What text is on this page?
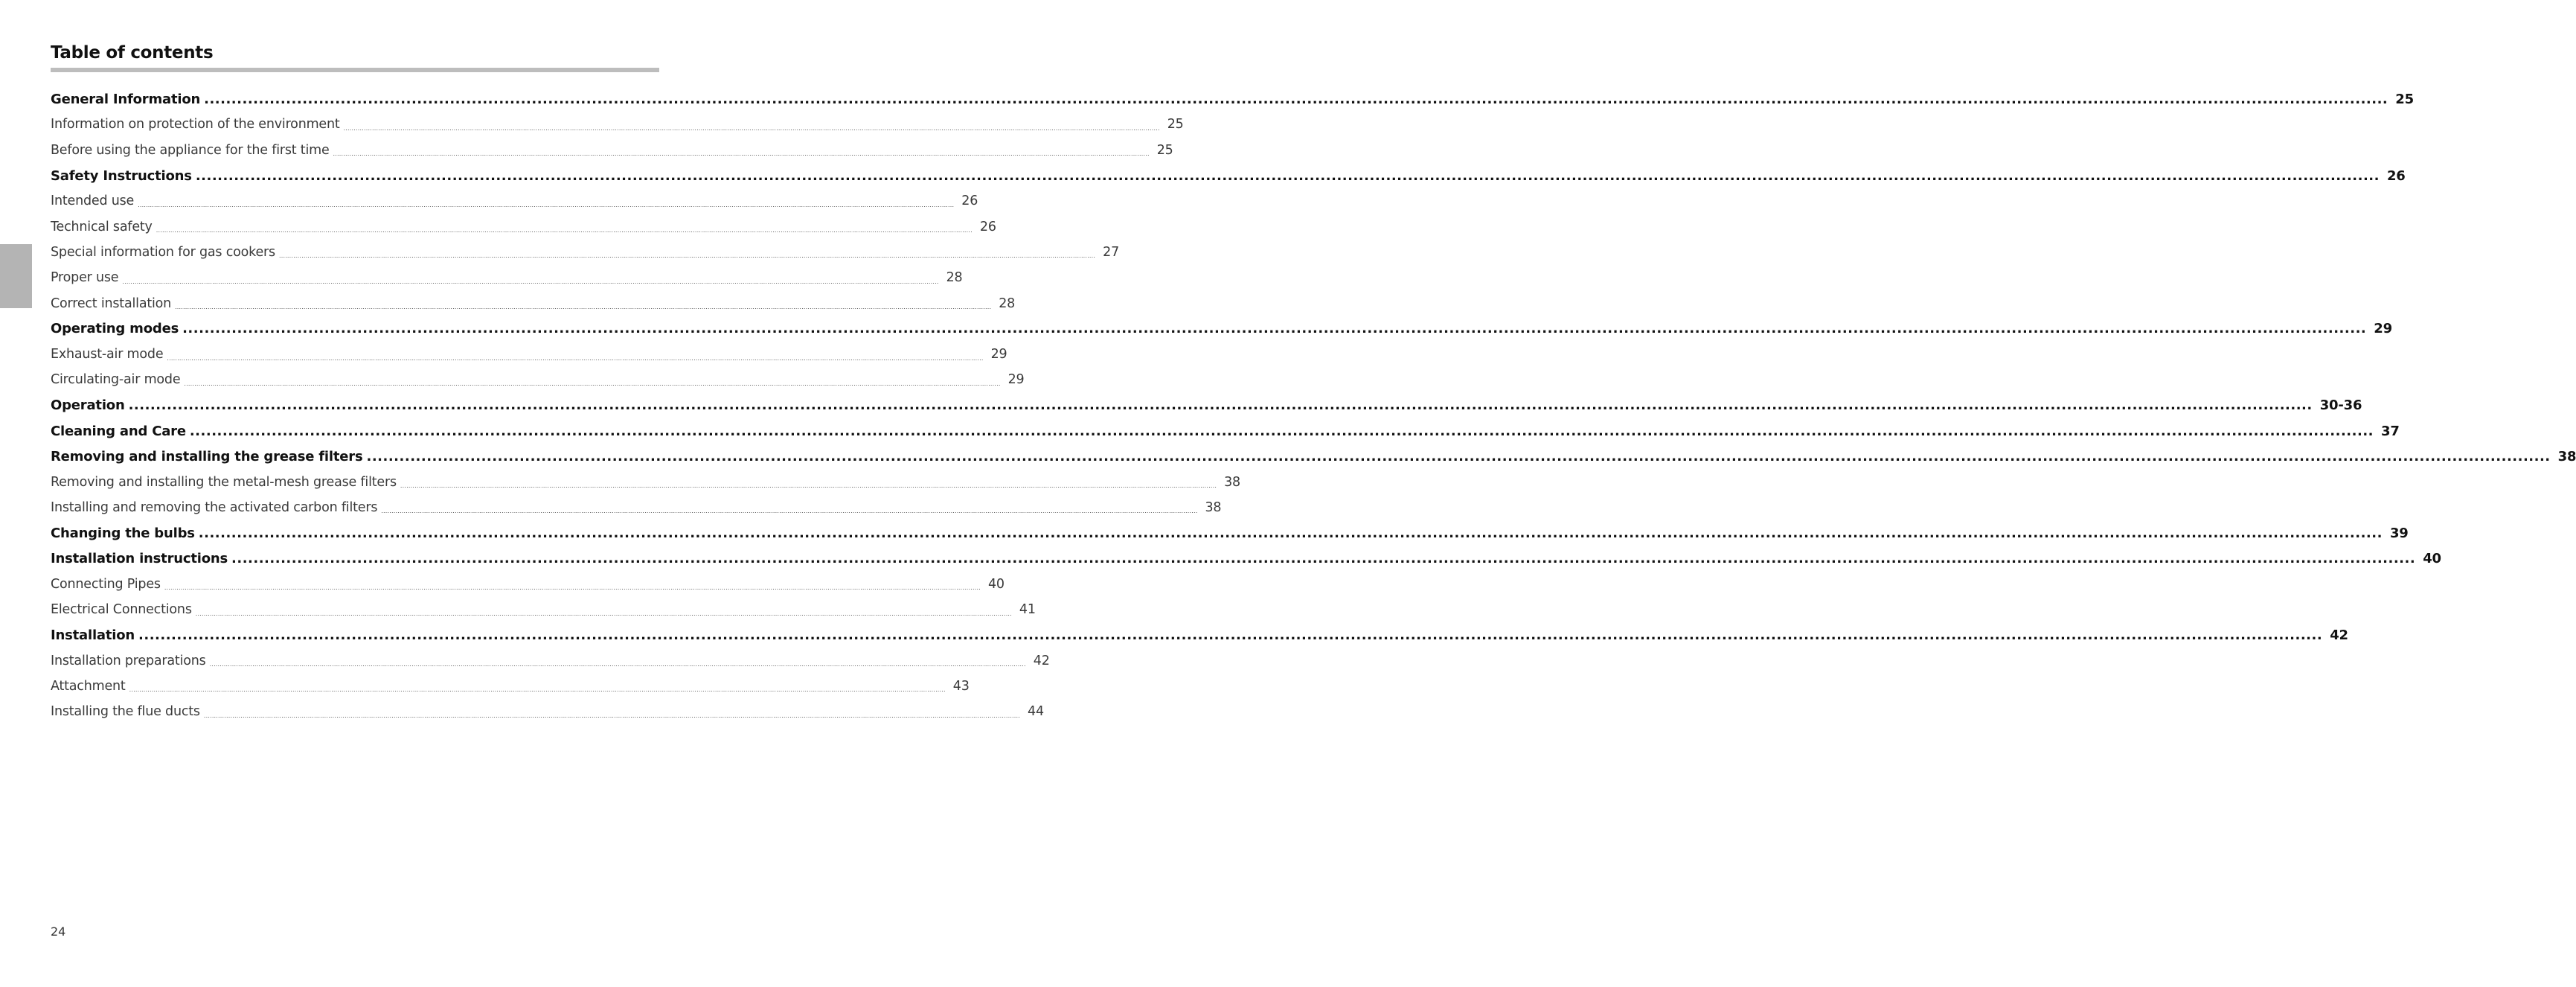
Table of contents
General Information ................................................................................................................................................................................................................................................................................................................................................................................................................ 25
Information on protection of the environment ................................................................................................................................................................................................................................................................................................................................................................................................................ 25
Before using the appliance for the first time ................................................................................................................................................................................................................................................................................................................................................................................................................ 25
Safety Instructions ................................................................................................................................................................................................................................................................................................................................................................................................................ 26
Intended use ................................................................................................................................................................................................................................................................................................................................................................................................................ 26
Technical safety ................................................................................................................................................................................................................................................................................................................................................................................................................ 26
Special information for gas cookers ................................................................................................................................................................................................................................................................................................................................................................................................................ 27
Proper use ................................................................................................................................................................................................................................................................................................................................................................................................................ 28
Correct installation ................................................................................................................................................................................................................................................................................................................................................................................................................ 28
Operating modes ................................................................................................................................................................................................................................................................................................................................................................................................................ 29
Exhaust-air mode ................................................................................................................................................................................................................................................................................................................................................................................................................ 29
Circulating-air mode ................................................................................................................................................................................................................................................................................................................................................................................................................ 29
Operation ................................................................................................................................................................................................................................................................................................................................................................................................................ 30-36
Cleaning and Care ................................................................................................................................................................................................................................................................................................................................................................................................................ 37
Removing and installing the grease filters ................................................................................................................................................................................................................................................................................................................................................................................................................ 38
Removing and installing the metal-mesh grease filters ................................................................................................................................................................................................................................................................................................................................................................................................................ 38
Installing and removing the activated carbon filters ................................................................................................................................................................................................................................................................................................................................................................................................................ 38
Changing the bulbs ................................................................................................................................................................................................................................................................................................................................................................................................................ 39
Installation instructions ................................................................................................................................................................................................................................................................................................................................................................................................................ 40
Connecting Pipes ................................................................................................................................................................................................................................................................................................................................................................................................................ 40
Electrical Connections ................................................................................................................................................................................................................................................................................................................................................................................................................ 41
Installation ................................................................................................................................................................................................................................................................................................................................................................................................................ 42
Installation preparations ................................................................................................................................................................................................................................................................................................................................................................................................................ 42
Attachment ................................................................................................................................................................................................................................................................................................................................................................................................................ 43
Installing the flue ducts ................................................................................................................................................................................................................................................................................................................................................................................................................ 44
24
